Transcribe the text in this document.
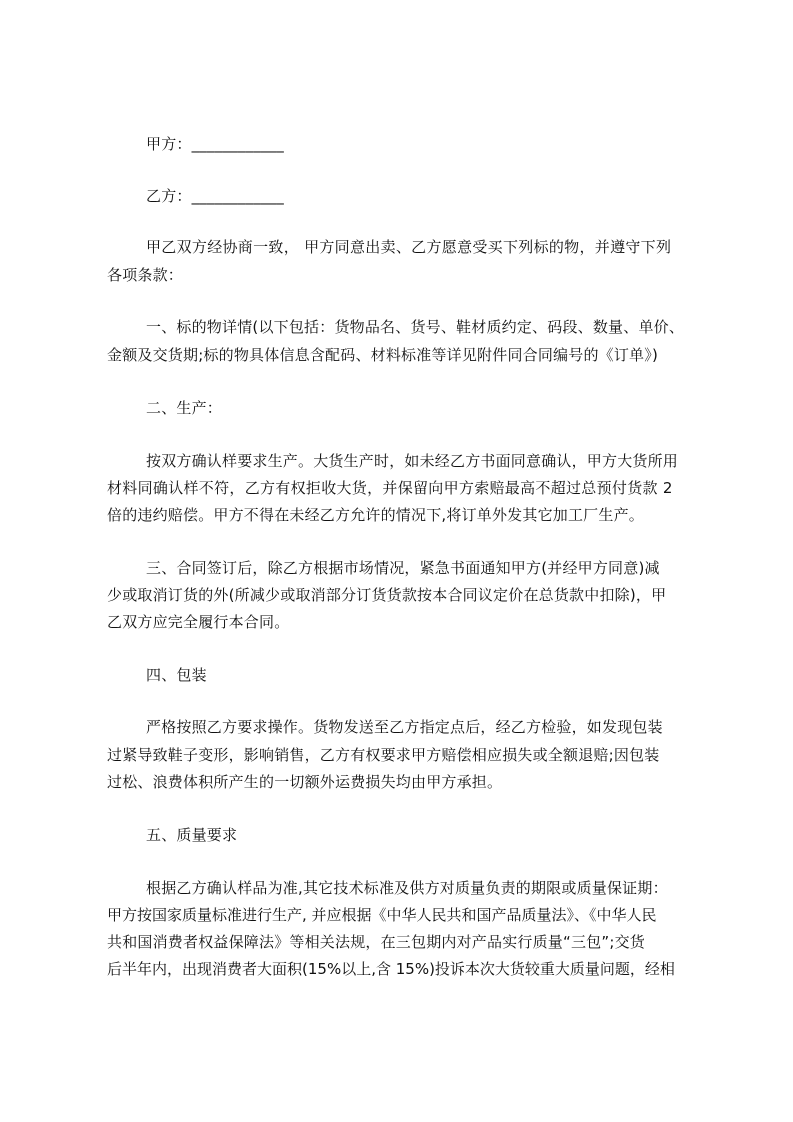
甲方：____________
乙方：____________
甲乙双方经协商一致， 甲方同意出卖、乙方愿意受买下列标的物，并遵守下列
各项条款：
一、标的物详情(以下包括：货物品名、货号、鞋材质约定、码段、数量、单价、
金额及交货期;标的物具体信息含配码、材料标准等详见附件同合同编号的《订单》)
二、生产：
按双方确认样要求生产。大货生产时，如未经乙方书面同意确认，甲方大货所用
材料同确认样不符，乙方有权拒收大货，并保留向甲方索赔最高不超过总预付货款 2
倍的违约赔偿。甲方不得在未经乙方允许的情况下,将订单外发其它加工厂生产。
三、合同签订后，除乙方根据市场情况，紧急书面通知甲方(并经甲方同意)减
少或取消订货的外(所减少或取消部分订货货款按本合同议定价在总货款中扣除)，甲
乙双方应完全履行本合同。
四、包装
严格按照乙方要求操作。货物发送至乙方指定点后，经乙方检验，如发现包装
过紧导致鞋子变形，影响销售，乙方有权要求甲方赔偿相应损失或全额退赔;因包装
过松、浪费体积所产生的一切额外运费损失均由甲方承担。
五、质量要求
根据乙方确认样品为准,其它技术标准及供方对质量负责的期限或质量保证期：
甲方按国家质量标准进行生产, 并应根据《中华人民共和国产品质量法》、《中华人民
共和国消费者权益保障法》等相关法规，在三包期内对产品实行质量“三包”;交货
后半年内，出现消费者大面积(15%以上,含 15%)投诉本次大货较重大质量问题，经相
